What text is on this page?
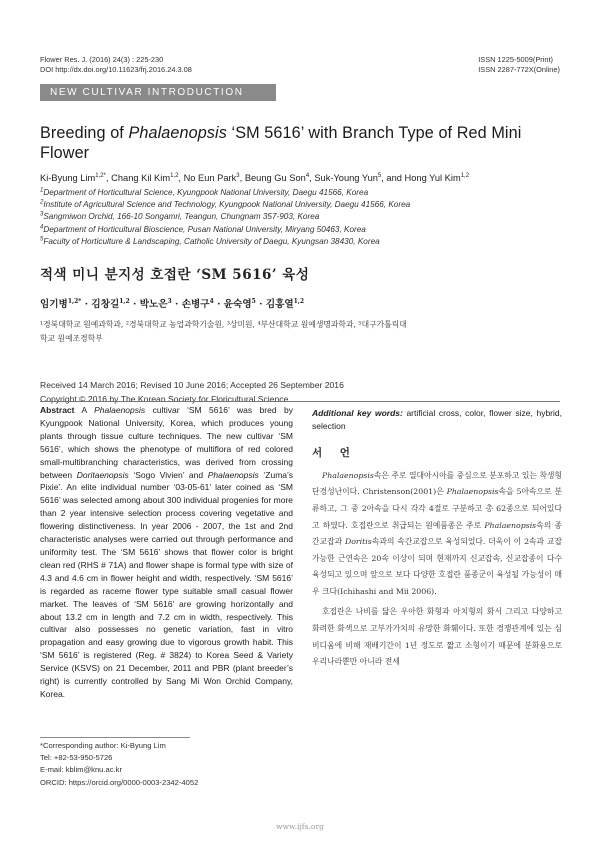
Flower Res. J. (2016) 24(3) : 225-230
DOI http://dx.doi.org/10.11623/frj.2016.24.3.08
ISSN 1225-5009(Print)
ISSN 2287-772X(Online)
NEW CULTIVAR INTRODUCTION
Breeding of Phalaenopsis ‘SM 5616’ with Branch Type of Red Mini Flower
Ki-Byung Lim$^{1,2*}$, Chang Kil Kim$^{1,2}$, No Eun Park$^3$, Beung Gu Son$^4$, Suk-Young Yun$^5$, and Hong Yul Kim$^{1,2}$
$^1$Department of Horticultural Science, Kyungpook National University, Daegu 41566, Korea
$^2$Institute of Agricultural Science and Technology, Kyungpook National University, Daegu 41566, Korea
$^3$Sangmiwon Orchid, 166-10 Songamri, Teangun, Chungnam 357-903, Korea
$^4$Department of Horticultural Bioscience, Pusan National University, Miryang 50463, Korea
$^5$Faculty of Horticulture & Landscaping, Catholic University of Daegu, Kyungsan 38430, Korea
적색 미니 분지성 호접란 ‘SM 5616’ 육성
임기병$^{1,2*}$ · 김창길$^{1,2}$ · 박노은$^3$ · 손병구$^4$ · 윤숙영$^5$ · 김홍열$^{1,2}$
¹경북대학교 원예과학과, ²경북대학교 농업과학기술원, ³상미원, ⁴부산대학교 원예생명과학과, ⁵대구가톨릭대
학교 원예조경학부
Received 14 March 2016; Revised 10 June 2016; Accepted 26 September 2016
Copyright © 2016 by The Korean Society for Floricultural Science
Abstract A Phalaenopsis cultivar ‘SM 5616’ was bred by Kyungpook National University, Korea, which produces young plants through tissue culture techniques. The new cultivar ‘SM 5616’, which shows the phenotype of multiflora of red colored small-multibranching characteristics, was derived from crossing between Doritaenopsis ‘Sogo Vivien’ and Phalaenopsis ‘Zuma’s Pixie’. An elite individual number ‘03-05-61’ later coined as ‘SM 5616’ was selected among about 300 individual progenies for more than 2 year intensive selection process covering vegetative and flowering distinctiveness. In year 2006 - 2007, the 1st and 2nd characteristic analyses were carried out through performance and uniformity test. The ‘SM 5616’ shows that flower color is bright clean red (RHS # 71A) and flower shape is formal type with size of 4.3 and 4.6 cm in flower height and width, respectively. ‘SM 5616’ is regarded as raceme flower type suitable small casual flower market. The leaves of ‘SM 5616’ are growing horizontally and about 13.2 cm in length and 7.2 cm in width, respectively. This cultivar also possesses no genetic variation, fast in vitro propagation and easy growing due to vigorous growth habit. This ‘SM 5616’ is registered (Reg. # 3824) to Korea Seed & Variety Service (KSVS) on 21 December, 2011 and PBR (plant breeder’s right) is currently controlled by Sang Mi Won Orchid Company, Korea.
Additional key words: artificial cross, color, flower size, hybrid, selection
서 언

Phalaenopsis속은 주로 열대아시아를 중심으로 분포하고 있는 착생형 단경성난이다. Christenson(2001)은 Phalaenopsis속을 5아속으로 분류하고, 그 중 2아속을 다시 각각 4절로 구분하고 총 62종으로 되어있다고 하였다. 호접란으로 취급되는 원예품종은 주로 Phalaenopsis속의 종간교잡과 Doritis속과의 속간교잡으로 육성되었다. 더욱이 이 2속과 교잡 가능한 근연속은 20속 이상이 되며 현재까지 신교잡속, 신교잡종이 다수 육성되고 있으며 앞으로 보다 다양한 호접란 품종군이 육성될 가능성이 매우 크다(Ichihashi and Mii 2006).

호접란은 나비를 닮은 우아한 화형과 아치형의 화서 그리고 다양하고 화려한 화색으로 고부가가치의 유망한 화훼이다. 또한 경쟁관계에 있는 심비디움에 비해 재배기간이 1년 정도로 짧고 소형이기 때문에 분화용으로 우리나라뿐만 아니라 전세

*Corresponding author: Ki-Byung Lim
Tel: +82-53-950-5726
E-mail: kblim@knu.ac.kr
ORCID: https://orcid.org/0000-0003-2342-4052
www.ijfs.org
